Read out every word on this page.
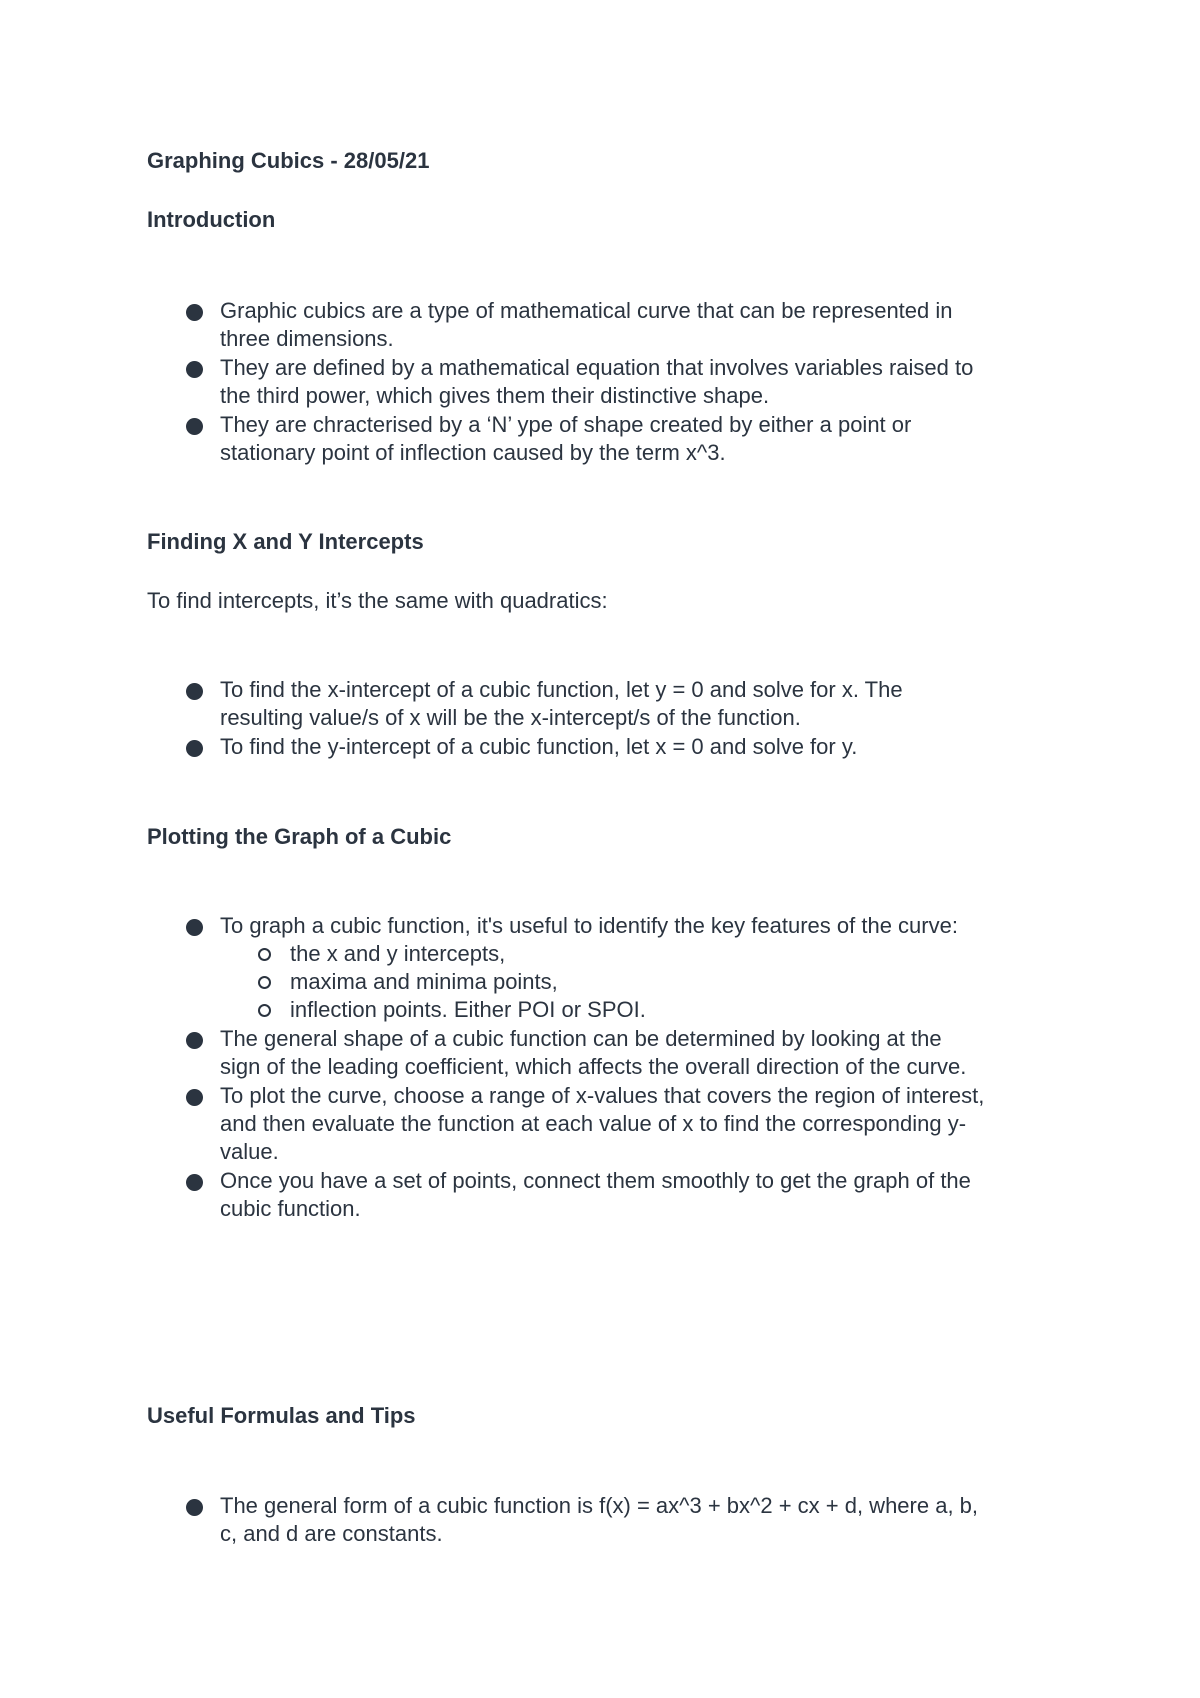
Graphing Cubics - 28/05/21
Introduction
Graphic cubics are a type of mathematical curve that can be represented in
three dimensions.
They are defined by a mathematical equation that involves variables raised to
the third power, which gives them their distinctive shape.
They are chracterised by a ‘N’ ype of shape created by either a point or
stationary point of inflection caused by the term x^3.
Finding X and Y Intercepts
To find intercepts, it’s the same with quadratics:
To find the x-intercept of a cubic function, let y = 0 and solve for x. The
resulting value/s of x will be the x-intercept/s of the function.
To find the y-intercept of a cubic function, let x = 0 and solve for y.
Plotting the Graph of a Cubic
To graph a cubic function, it's useful to identify the key features of the curve:
the x and y intercepts,
maxima and minima points,
inflection points. Either POI or SPOI.
The general shape of a cubic function can be determined by looking at the
sign of the leading coefficient, which affects the overall direction of the curve.
To plot the curve, choose a range of x-values that covers the region of interest,
and then evaluate the function at each value of x to find the corresponding y-
value.
Once you have a set of points, connect them smoothly to get the graph of the
cubic function.
Useful Formulas and Tips
The general form of a cubic function is f(x) = ax^3 + bx^2 + cx + d, where a, b,
c, and d are constants.
